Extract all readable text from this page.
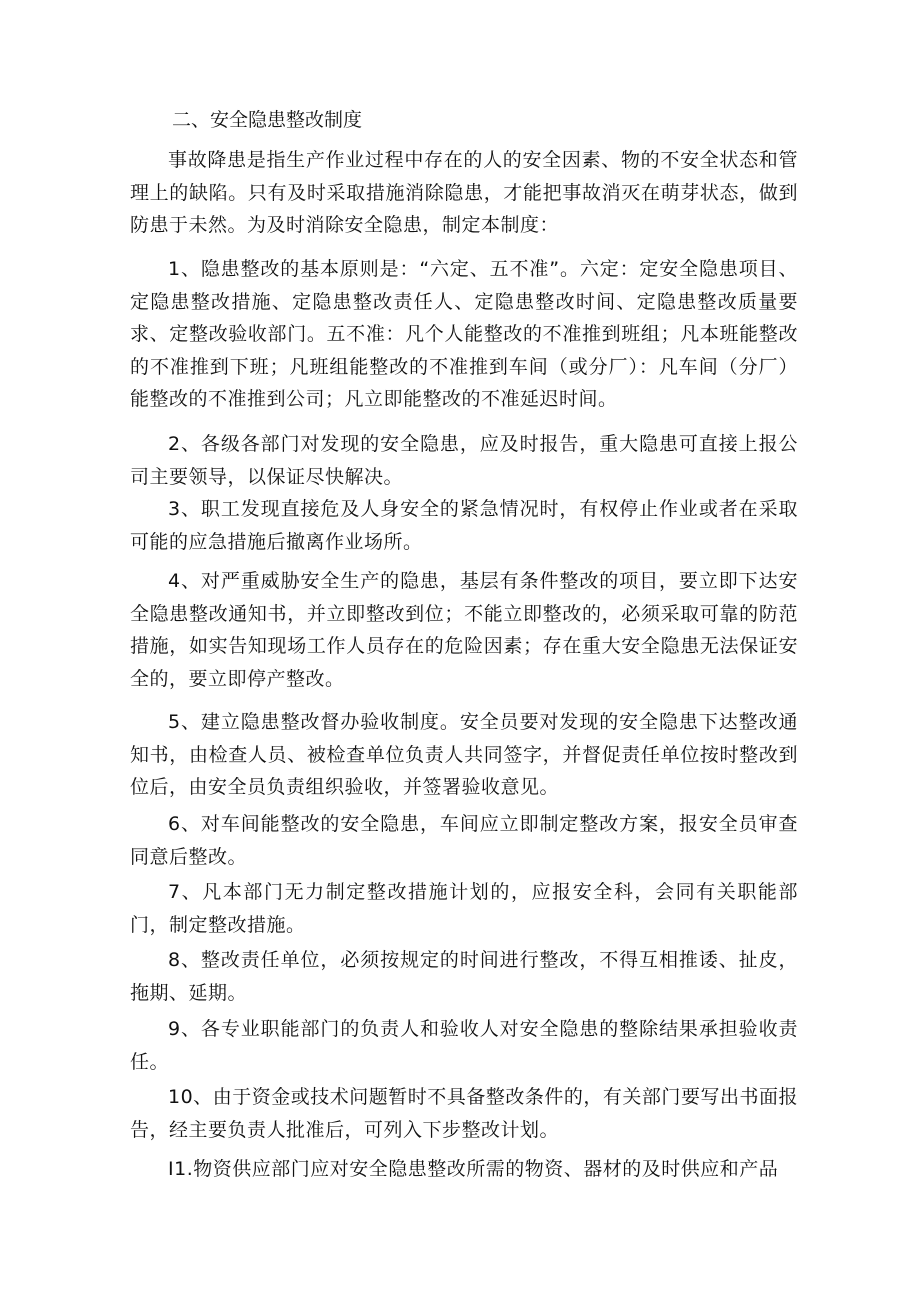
二、安全隐患整改制度

事故降患是指生产作业过程中存在的人的安全因素、物的不安全状态和管理上的缺陷。只有及时采取措施消除隐患，才能把事故消灭在萌芽状态，做到防患于未然。为及时消除安全隐患，制定本制度：

1、隐患整改的基本原则是：“六定、五不准”。六定：定安全隐患项目、定隐患整改措施、定隐患整改责任人、定隐患整改时间、定隐患整改质量要求、定整改验收部门。五不准：凡个人能整改的不准推到班组；凡本班能整改的不准推到下班；凡班组能整改的不准推到车间（或分厂）：凡车间（分厂）能整改的不准推到公司；凡立即能整改的不准延迟时间。

2、各级各部门对发现的安全隐患，应及时报告，重大隐患可直接上报公司主要领导，以保证尽快解决。

3、职工发现直接危及人身安全的紧急情况时，有权停止作业或者在采取可能的应急措施后撤离作业场所。

4、对严重威胁安全生产的隐患，基层有条件整改的项目，要立即下达安全隐患整改通知书，并立即整改到位；不能立即整改的，必须采取可靠的防范措施，如实告知现场工作人员存在的危险因素；存在重大安全隐患无法保证安全的，要立即停产整改。

5、建立隐患整改督办验收制度。安全员要对发现的安全隐患下达整改通知书，由检查人员、被检查单位负责人共同签字，并督促责任单位按时整改到位后，由安全员负责组织验收，并签署验收意见。

6、对车间能整改的安全隐患，车间应立即制定整改方案，报安全员审查同意后整改。

7、凡本部门无力制定整改措施计划的，应报安全科，会同有关职能部门，制定整改措施。

8、整改责任单位，必须按规定的时间进行整改，不得互相推诿、扯皮，拖期、延期。

9、各专业职能部门的负责人和验收人对安全隐患的整除结果承担验收责任。

10、由于资金或技术问题暂时不具备整改条件的，有关部门要写出书面报告，经主要负责人批准后，可列入下步整改计划。

I1.物资供应部门应对安全隐患整改所需的物资、器材的及时供应和产品
